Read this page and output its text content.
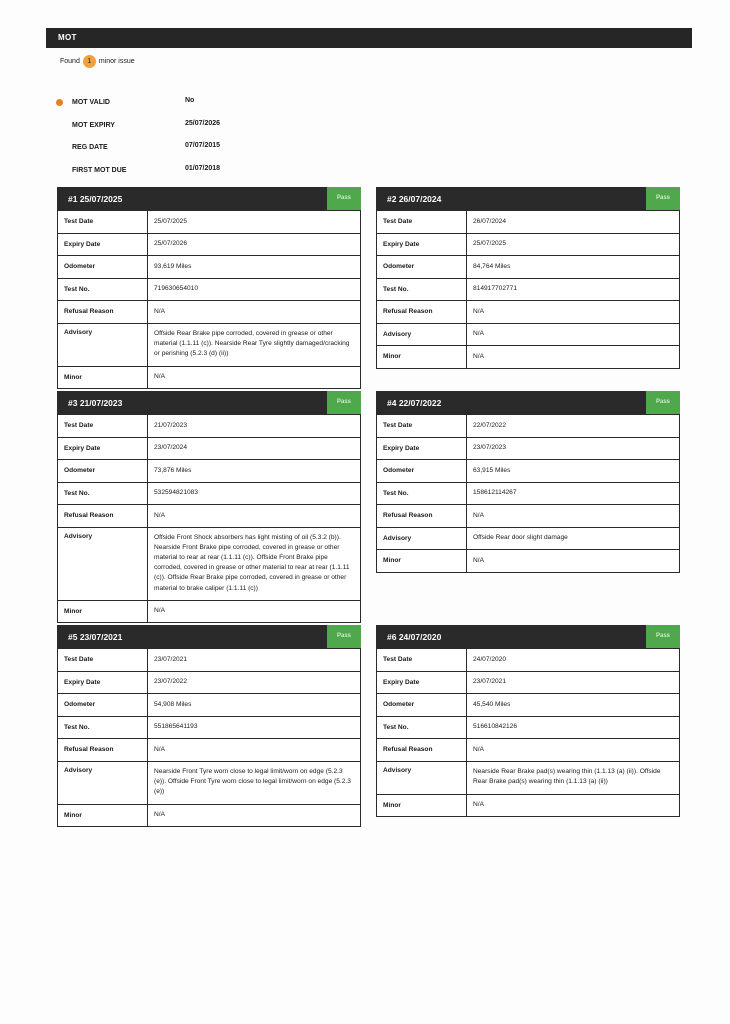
MOT
Found	1	minor issue
MOT VALID	No
MOT EXPIRY	25/07/2026
REG DATE	07/07/2015
FIRST MOT DUE	01/07/2018
#1 25/07/2025	Pass
Test Date	25/07/2025
Expiry Date	25/07/2026
Odometer	93,619 Miles
Test No.	719630654010
Refusal Reason	N/A
Advisory	Offside Rear Brake pipe corroded, covered in grease or other material (1.1.11 (c)). Nearside Rear Tyre slightly damaged/cracking or perishing (5.2.3 (d) (ii))
Minor	N/A
#2 26/07/2024	Pass
Test Date	26/07/2024
Expiry Date	25/07/2025
Odometer	84,764 Miles
Test No.	814917702771
Refusal Reason	N/A
Advisory	N/A
Minor	N/A
#3 21/07/2023	Pass
Test Date	21/07/2023
Expiry Date	23/07/2024
Odometer	73,876 Miles
Test No.	532594821083
Refusal Reason	N/A
Advisory	Offside Front Shock absorbers has light misting of oil (5.3.2 (b)). Nearside Front Brake pipe corroded, covered in grease or other material to rear at rear (1.1.11 (c)). Offside Front Brake pipe corroded, covered in grease or other material to rear at rear (1.1.11 (c)). Offside Rear Brake pipe corroded, covered in grease or other material to brake caliper (1.1.11 (c))
Minor	N/A
#4 22/07/2022	Pass
Test Date	22/07/2022
Expiry Date	23/07/2023
Odometer	63,915 Miles
Test No.	158612114267
Refusal Reason	N/A
Advisory	Offside Rear door slight damage
Minor	N/A
#5 23/07/2021	Pass
Test Date	23/07/2021
Expiry Date	23/07/2022
Odometer	54,908 Miles
Test No.	551865641193
Refusal Reason	N/A
Advisory	Nearside Front Tyre worn close to legal limit/worn on edge (5.2.3 (e)). Offside Front Tyre worn close to legal limit/worn on edge (5.2.3 (e))
Minor	N/A
#6 24/07/2020	Pass
Test Date	24/07/2020
Expiry Date	23/07/2021
Odometer	45,540 Miles
Test No.	516610842126
Refusal Reason	N/A
Advisory	Nearside Rear Brake pad(s) wearing thin (1.1.13 (a) (ii)). Offside Rear Brake pad(s) wearing thin (1.1.13 (a) (ii))
Minor	N/A
